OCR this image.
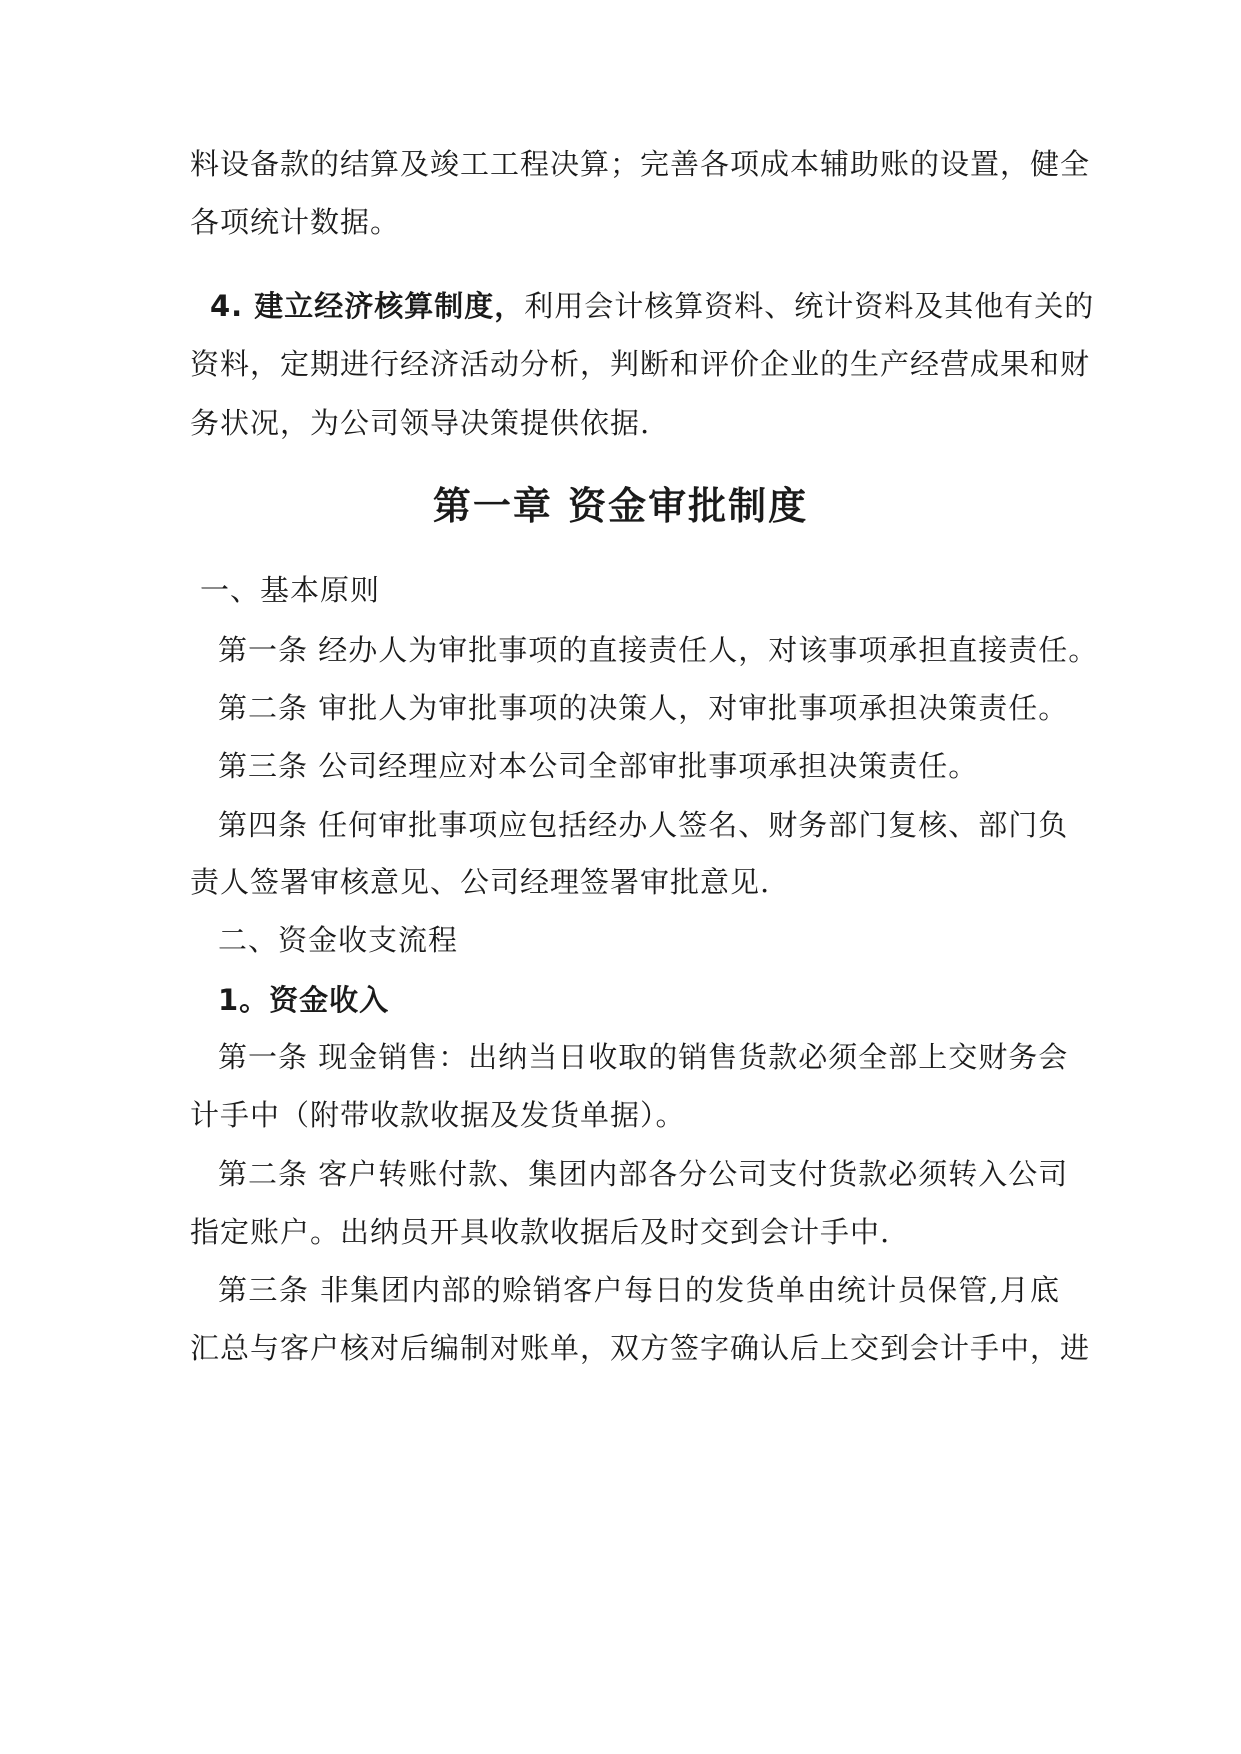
料设备款的结算及竣工工程决算；完善各项成本辅助账的设置，健全
各项统计数据。
4. 建立经济核算制度，利用会计核算资料、统计资料及其他有关的
资料，定期进行经济活动分析，判断和评价企业的生产经营成果和财
务状况，为公司领导决策提供依据.
第一章 资金审批制度
一、基本原则
第一条 经办人为审批事项的直接责任人，对该事项承担直接责任。
第二条 审批人为审批事项的决策人，对审批事项承担决策责任。
第三条 公司经理应对本公司全部审批事项承担决策责任。
第四条 任何审批事项应包括经办人签名、财务部门复核、部门负
责人签署审核意见、公司经理签署审批意见.
二、资金收支流程
1。资金收入
第一条 现金销售：出纳当日收取的销售货款必须全部上交财务会
计手中（附带收款收据及发货单据）。
第二条 客户转账付款、集团内部各分公司支付货款必须转入公司
指定账户。出纳员开具收款收据后及时交到会计手中.
第三条 非集团内部的赊销客户每日的发货单由统计员保管,月底
汇总与客户核对后编制对账单，双方签字确认后上交到会计手中，进
